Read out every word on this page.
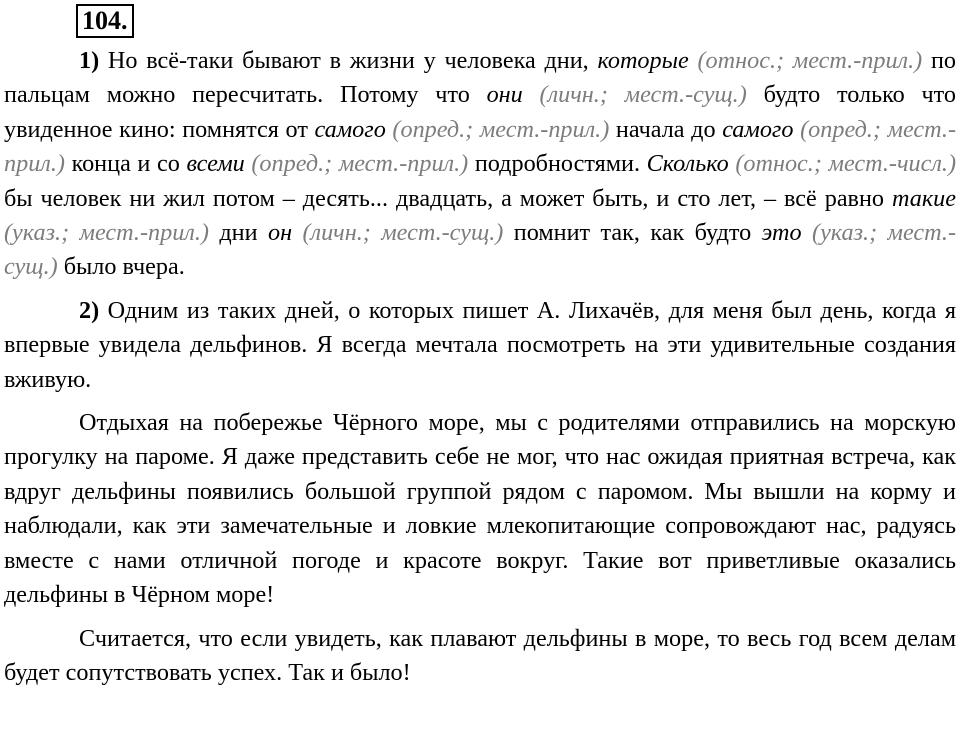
104.

1) Но всё-таки бывают в жизни у человека дни, которые (относ.; мест.-прил.) по пальцам можно пересчитать. Потому что они (личн.; мест.-сущ.) будто только что увиденное кино: помнятся от самого (опред.; мест.-прил.) начала до самого (опред.; мест.-прил.) конца и со всеми (опред.; мест.-прил.) подробностями. Сколько (относ.; мест.-числ.) бы человек ни жил потом – десять... двадцать, а может быть, и сто лет, – всё равно такие (указ.; мест.-прил.) дни он (личн.; мест.-сущ.) помнит так, как будто это (указ.; мест.-сущ.) было вчера.

2) Одним из таких дней, о которых пишет А. Лихачёв, для меня был день, когда я впервые увидела дельфинов. Я всегда мечтала посмотреть на эти удивительные создания вживую.

Отдыхая на побережье Чёрного море, мы с родителями отправились на морскую прогулку на пароме. Я даже представить себе не мог, что нас ожидая приятная встреча, как вдруг дельфины появились большой группой рядом с паромом. Мы вышли на корму и наблюдали, как эти замечательные и ловкие млекопитающие сопровождают нас, радуясь вместе с нами отличной погоде и красоте вокруг. Такие вот приветливые оказались дельфины в Чёрном море!

Считается, что если увидеть, как плавают дельфины в море, то весь год всем делам будет сопутствовать успех. Так и было!
